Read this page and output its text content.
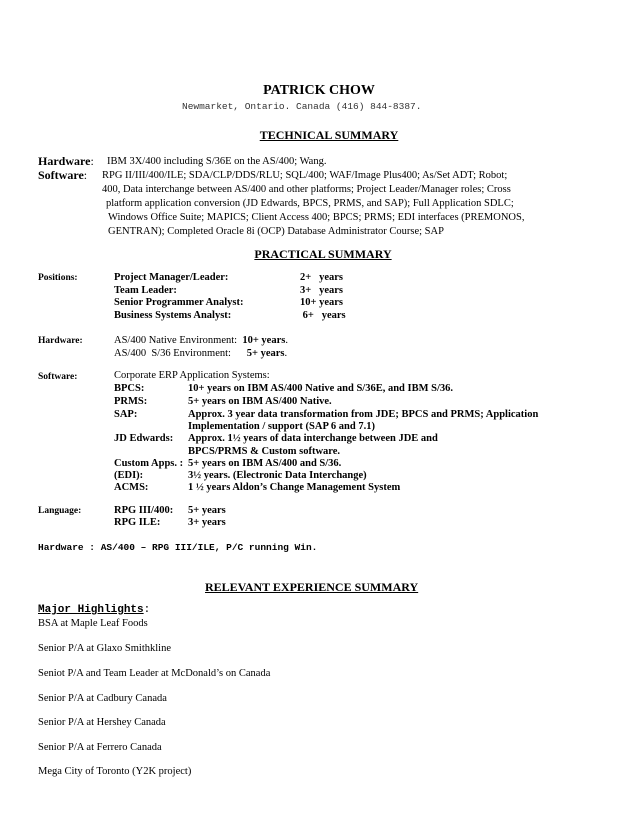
PATRICK CHOW
Newmarket, Ontario. Canada (416) 844-8387.
TECHNICAL SUMMARY
Hardware: IBM 3X/400 including S/36E on the AS/400; Wang.
Software: RPG II/III/400/ILE; SDA/CLP/DDS/RLU; SQL/400; WAF/Image Plus400; As/Set ADT; Robot;
400, Data interchange between AS/400 and other platforms; Project Leader/Manager roles; Cross
platform application conversion (JD Edwards, BPCS, PRMS, and SAP); Full Application SDLC;
Windows Office Suite; MAPICS; Client Access 400; BPCS; PRMS; EDI interfaces (PREMONOS,
GENTRAN); Completed Oracle 8i (OCP) Database Administrator Course; SAP
PRACTICAL SUMMARY
Positions:	Project Manager/Leader:	2+   years
Team Leader:	3+   years
Senior Programmer Analyst:	10+ years
Business Systems Analyst:	6+   years
Hardware:	AS/400 Native Environment:  10+ years.
AS/400  S/36 Environment:      5+ years.
Software:	Corporate ERP Application Systems:
BPCS:	10+ years on IBM AS/400 Native and S/36E, and IBM S/36.
PRMS:	5+ years on IBM AS/400 Native.
SAP:	Approx. 3 year data transformation from JDE; BPCS and PRMS; Application
Implementation / support (SAP 6 and 7.1)
JD Edwards: Approx. 1½ years of data interchange between JDE and
BPCS/PRMS & Custom software.
Custom Apps. : 5+ years on IBM AS/400 and S/36.
(EDI):	3½ years. (Electronic Data Interchange)
ACMS:	1 ½ years Aldon’s Change Management System
Language:	RPG III/400: 5+ years
RPG ILE:	3+ years
Hardware : AS/400 – RPG III/ILE, P/C running Win.
RELEVANT EXPERIENCE SUMMARY
Major Highlights:
BSA at Maple Leaf Foods
Senior P/A at Glaxo Smithkline
Seniot P/A and Team Leader at McDonald’s on Canada
Senior P/A at Cadbury Canada
Senior P/A at Hershey Canada
Senior P/A at Ferrero Canada
Mega City of Toronto (Y2K project)
